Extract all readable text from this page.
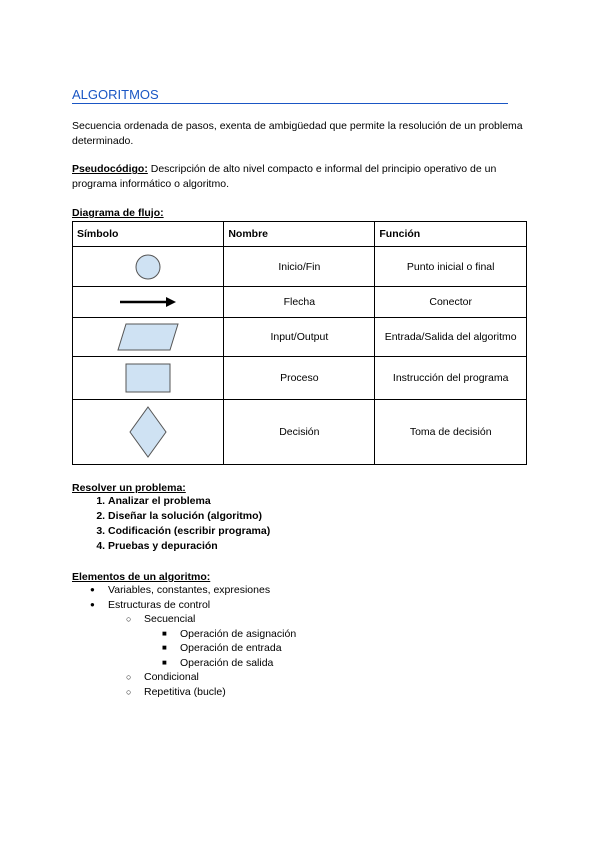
ALGORITMOS
Secuencia ordenada de pasos, exenta de ambigüedad que permite la resolución de un problema determinado.
Pseudocódigo: Descripción de alto nivel compacto e informal del principio operativo de un programa informático o algoritmo.
Diagrama de flujo:
Símbolo	Nombre	Función

	Inicio/Fin	Punto inicial o final

	Flecha	Conector

	Input/Output	Entrada/Salida del algoritmo

	Proceso	Instrucción del programa

	Decisión	Toma de decisión
Resolver un problema:
1. Analizar el problema
2. Diseñar la solución (algoritmo)
3. Codificación (escribir programa)
4. Pruebas y depuración
Elementos de un algoritmo:
● Variables, constantes, expresiones
● Estructuras de control
○ Secuencial
■ Operación de asignación
■ Operación de entrada
■ Operación de salida
○ Condicional
○ Repetitiva (bucle)
